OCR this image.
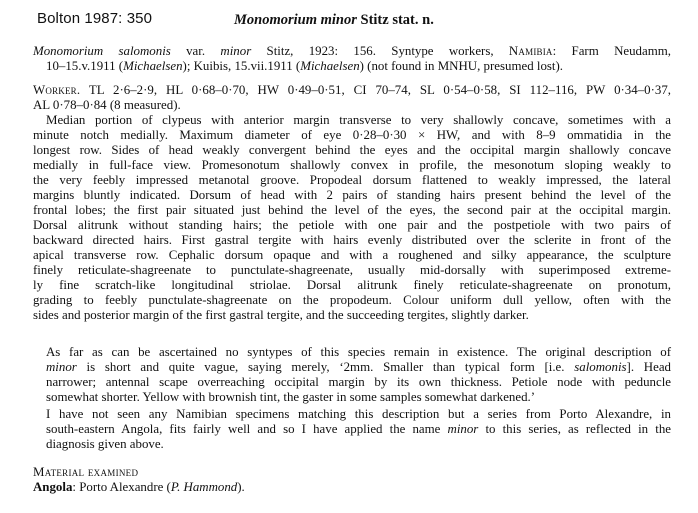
Bolton 1987: 350	Monomorium minor Stitz stat. n.
Monomorium salomonis var. minor Stitz, 1923: 156. Syntype workers, Namibia: Farm Neudamm,
10–15.v.1911 (Michaelsen); Kuibis, 15.vii.1911 (Michaelsen) (not found in MNHU, presumed lost).
Worker. TL 2·6–2·9, HL 0·68–0·70, HW 0·49–0·51, CI 70–74, SL 0·54–0·58, SI 112–116, PW 0·34–0·37,
AL 0·78–0·84 (8 measured).
Median portion of clypeus with anterior margin transverse to very shallowly concave, sometimes with a
minute notch medially. Maximum diameter of eye 0·28–0·30 × HW, and with 8–9 ommatidia in the
longest row. Sides of head weakly convergent behind the eyes and the occipital margin shallowly concave
medially in full-face view. Promesonotum shallowly convex in profile, the mesonotum sloping weakly to
the very feebly impressed metanotal groove. Propodeal dorsum flattened to weakly impressed, the lateral
margins bluntly indicated. Dorsum of head with 2 pairs of standing hairs present behind the level of the
frontal lobes; the first pair situated just behind the level of the eyes, the second pair at the occipital margin.
Dorsal alitrunk without standing hairs; the petiole with one pair and the postpetiole with two pairs of
backward directed hairs. First gastral tergite with hairs evenly distributed over the sclerite in front of the
apical transverse row. Cephalic dorsum opaque and with a roughened and silky appearance, the sculpture
finely reticulate-shagreenate to punctulate-shagreenate, usually mid-dorsally with superimposed extreme-
ly fine scratch-like longitudinal striolae. Dorsal alitrunk finely reticulate-shagreenate on pronotum,
grading to feebly punctulate-shagreenate on the propodeum. Colour uniform dull yellow, often with the
sides and posterior margin of the first gastral tergite, and the succeeding tergites, slightly darker.
As far as can be ascertained no syntypes of this species remain in existence. The original description of
minor is short and quite vague, saying merely, ‘2mm. Smaller than typical form [i.e. salomonis]. Head
narrower; antennal scape overreaching occipital margin by its own thickness. Petiole node with peduncle
somewhat shorter. Yellow with brownish tint, the gaster in some samples somewhat darkened.’
I have not seen any Namibian specimens matching this description but a series from Porto Alexandre, in
south-eastern Angola, fits fairly well and so I have applied the name minor to this series, as reflected in the
diagnosis given above.
Material examined
Angola: Porto Alexandre (P. Hammond).
